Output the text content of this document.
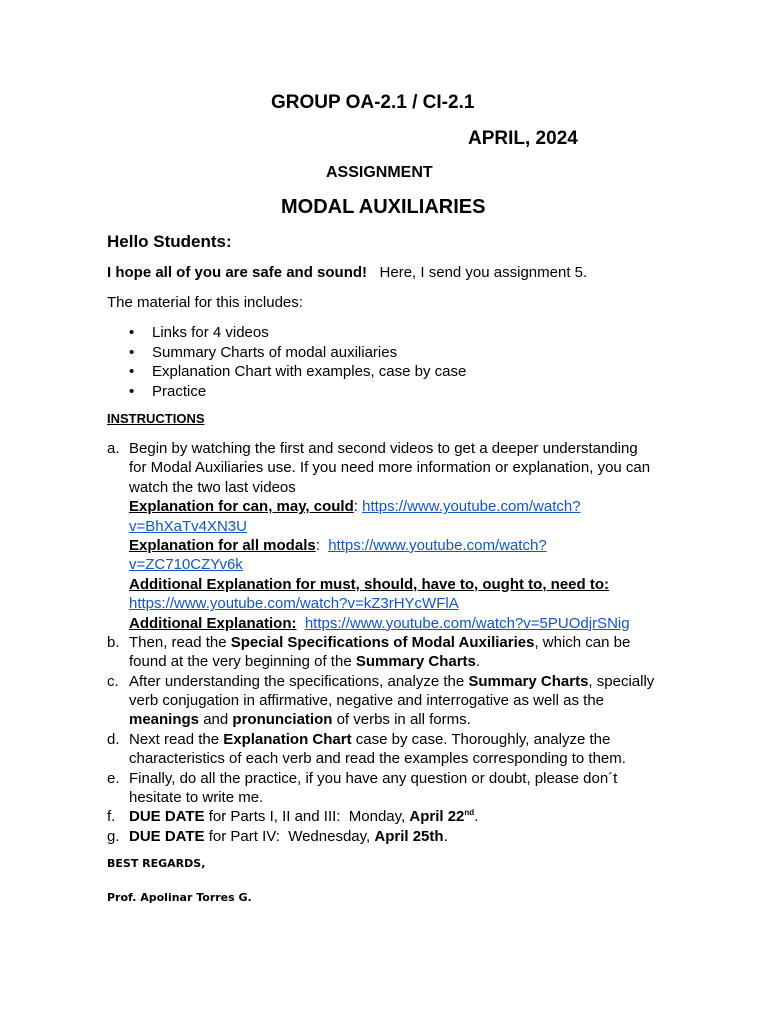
GROUP OA-2.1 / CI-2.1
APRIL, 2024
ASSIGNMENT
MODAL AUXILIARIES
Hello Students:
I hope all of you are safe and sound!   Here, I send you assignment 5.
The material for this includes:
• Links for 4 videos
• Summary Charts of modal auxiliaries
• Explanation Chart with examples, case by case
• Practice
INSTRUCTIONS
a. Begin by watching the first and second videos to get a deeper understanding
for Modal Auxiliaries use. If you need more information or explanation, you can
watch the two last videos
Explanation for can, may, could: https://www.youtube.com/watch?
v=BhXaTv4XN3U
Explanation for all modals:  https://www.youtube.com/watch?
v=ZC710CZYv6k
Additional Explanation for must, should, have to, ought to, need to:
https://www.youtube.com/watch?v=kZ3rHYcWFlA
Additional Explanation: https://www.youtube.com/watch?v=5PUOdjrSNig
b. Then, read the Special Specifications of Modal Auxiliaries, which can be
found at the very beginning of the Summary Charts.
c. After understanding the specifications, analyze the Summary Charts, specially
verb conjugation in affirmative, negative and interrogative as well as the
meanings and pronunciation of verbs in all forms.
d. Next read the Explanation Chart case by case. Thoroughly, analyze the
characteristics of each verb and read the examples corresponding to them.
e. Finally, do all the practice, if you have any question or doubt, please don´t
hesitate to write me.
f. DUE DATE for Parts I, II and III:  Monday, April 22nd.
g. DUE DATE for Part IV:  Wednesday, April 25th.
BEST REGARDS,
Prof. Apolinar Torres G.
